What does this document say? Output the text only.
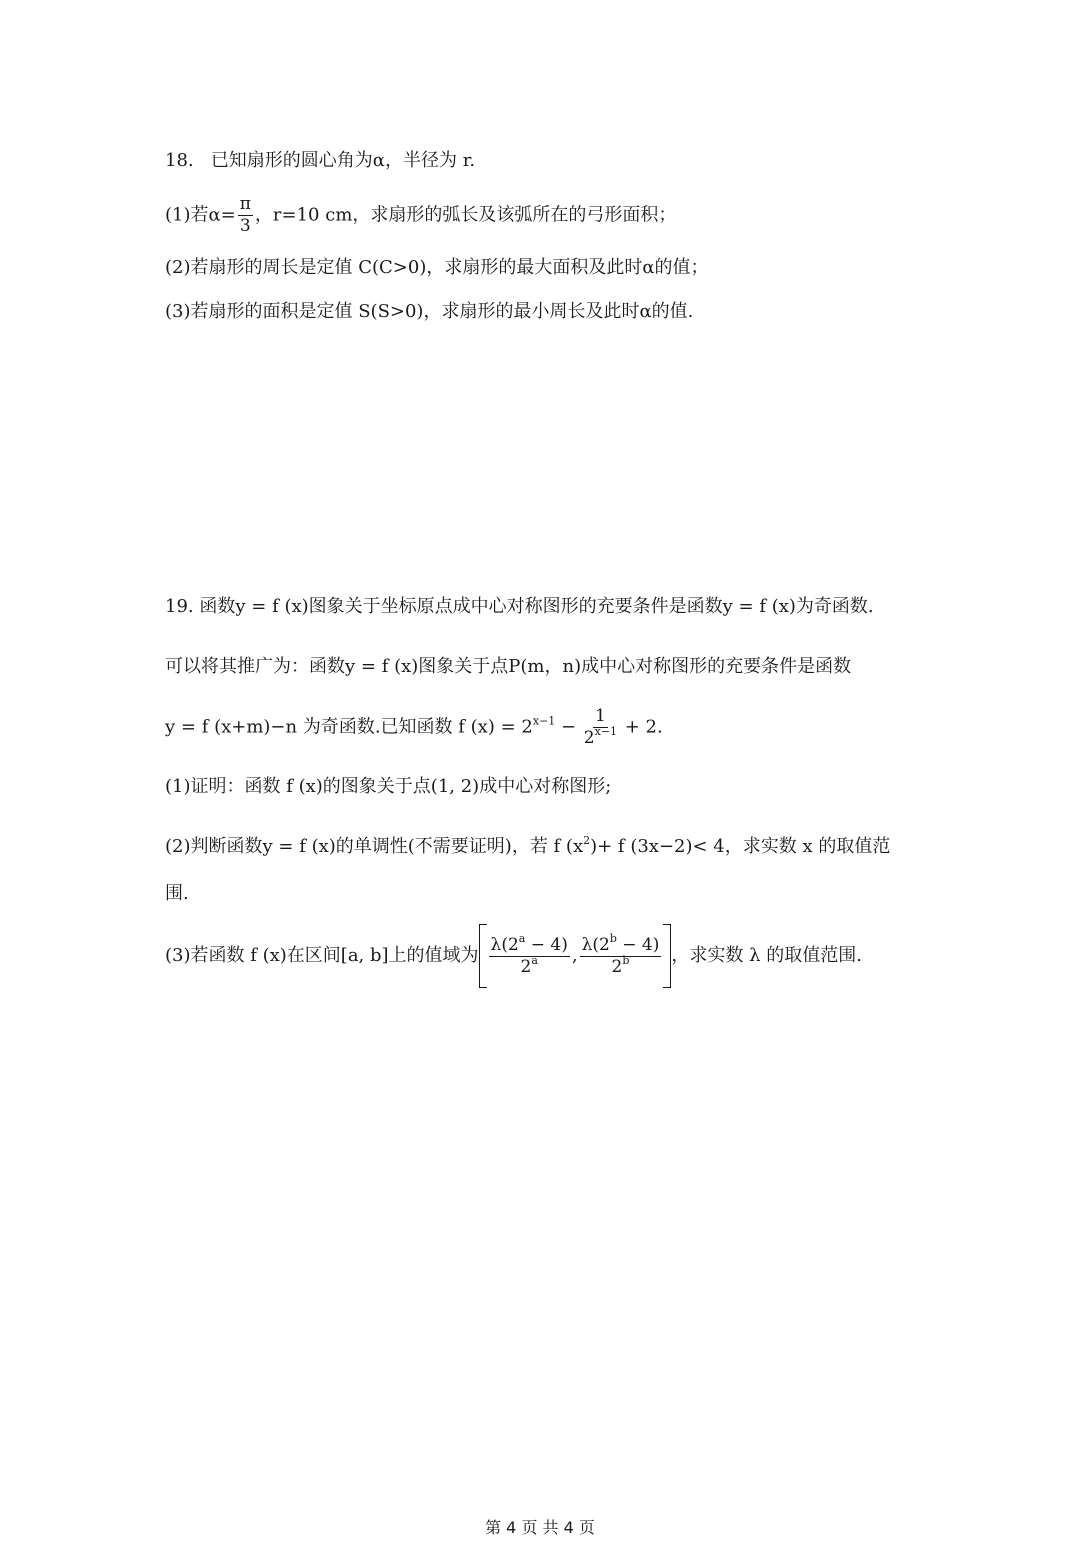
18. 已知扇形的圆心角为α，半径为 r.
(1)若$\alpha= \frac{\pi}{3}$ ，r=10 cm，求扇形的弧长及该弧所在的弓形面积；
(2)若扇形的周长是定值 C(C>0)，求扇形的最大面积及此时α的值；
(3)若扇形的面积是定值 S(S>0)，求扇形的最小周长及此时α的值.
19. 函数y = f (x)图象关于坐标原点成中心对称图形的充要条件是函数y = f (x)为奇函数.
可以将其推广为：函数y = f (x)图象关于点P(m，n)成中心对称图形的充要条件是函数
y = f (x+m)−n 为奇函数.已知函数 f $(x) = 2^{x-1} - \frac{1}{2^{x-1}} + 2$.
(1)证明：函数 f (x)的图象关于点(1, 2)成中心对称图形;
(2)判断函数y = f (x)的单调性(不需要证明)，若 f $(x^2)+ f$ (3x−2)< 4，求实数 x 的取值范
围.
(3)若函数 f (x)在区间[a, b]上的值域为 $\frac{\lambda(2^a - 4)}{2^a}$ , $\frac{\lambda(2^b - 4)}{2^b}$ ，求实数 λ 的取值范围.
第 4 页 共 4 页
